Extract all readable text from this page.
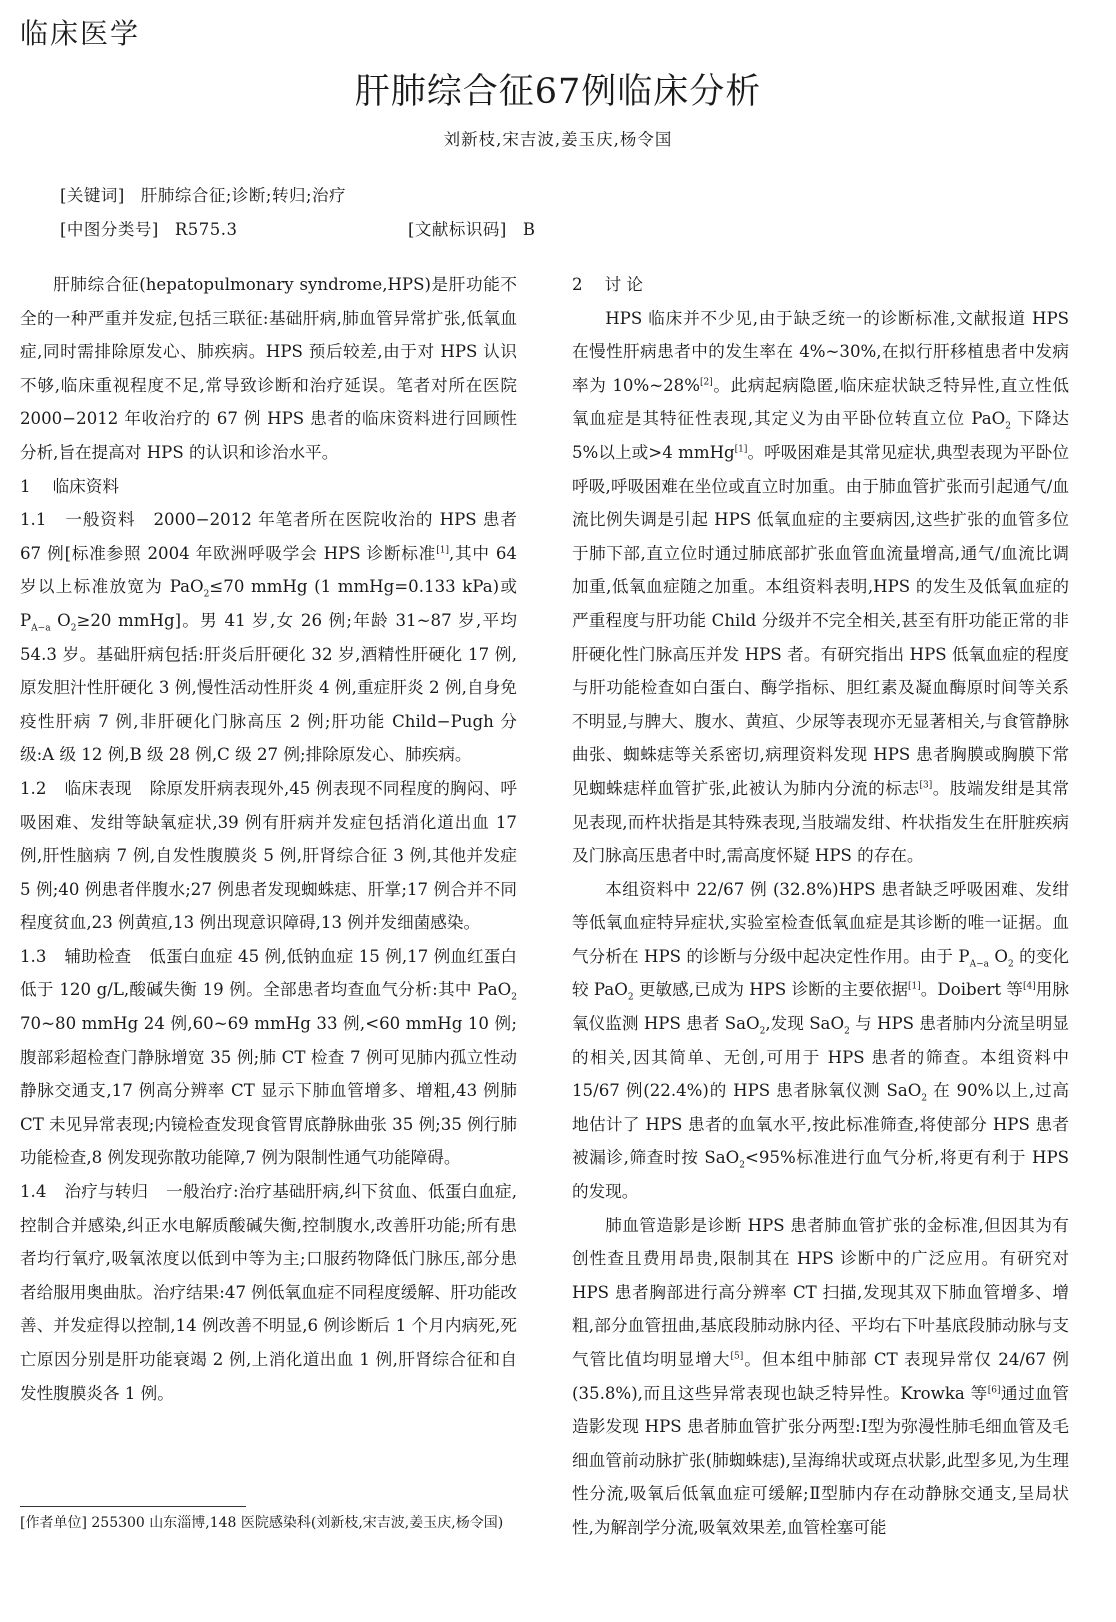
临床医学
肝肺综合征67例临床分析
刘新枝,宋吉波,姜玉庆,杨令国
[关键词] 肝肺综合征;诊断;转归;治疗
[中图分类号] R575.3	[文献标识码] B

肝肺综合征(hepatopulmonary syndrome,HPS)是肝功能不全的一种严重并发症,包括三联征:基础肝病,肺血管异常扩张,低氧血症,同时需排除原发心、肺疾病。HPS 预后较差,由于对 HPS 认识不够,临床重视程度不足,常导致诊断和治疗延误。笔者对所在医院 2000−2012 年收治疗的 67 例 HPS 患者的临床资料进行回顾性分析,旨在提高对 HPS 的认识和诊治水平。

1 临床资料

1.1 一般资料 2000−2012 年笔者所在医院收治的 HPS 患者 67 例[标准参照 2004 年欧洲呼吸学会 HPS 诊断标准[1],其中 64 岁以上标准放宽为 PaO$_2$≤70 mmHg (1 mmHg=0.133 kPa)或 $P_{A-a}$ $O_2\ge 20$ mmHg]。男 41 岁,女 26 例;年龄 31~87 岁,平均 54.3 岁。基础肝病包括:肝炎后肝硬化 32 岁,酒精性肝硬化 17 例,原发胆汁性肝硬化 3 例,慢性活动性肝炎 4 例,重症肝炎 2 例,自身免疫性肝病 7 例,非肝硬化门脉高压 2 例;肝功能 Child−Pugh 分级:A 级 12 例,B 级 28 例,C 级 27 例;排除原发心、肺疾病。

1.2 临床表现 除原发肝病表现外,45 例表现不同程度的胸闷、呼吸困难、发绀等缺氧症状,39 例有肝病并发症包括消化道出血 17 例,肝性脑病 7 例,自发性腹膜炎 5 例,肝肾综合征 3 例,其他并发症 5 例;40 例患者伴腹水;27 例患者发现蜘蛛痣、肝掌;17 例合并不同程度贫血,23 例黄疸,13 例出现意识障碍,13 例并发细菌感染。

1.3 辅助检查 低蛋白血症 45 例,低钠血症 15 例,17 例血红蛋白低于 120 g/L,酸碱失衡 19 例。全部患者均查血气分析:其中 PaO$_2$ 70~80 mmHg 24 例,60~69 mmHg 33 例,<60 mmHg 10 例;腹部彩超检查门静脉增宽 35 例;肺 CT 检查 7 例可见肺内孤立性动静脉交通支,17 例高分辨率 CT 显示下肺血管增多、增粗,43 例肺 CT 未见异常表现;内镜检查发现食管胃底静脉曲张 35 例;35 例行肺功能检查,8 例发现弥散功能障,7 例为限制性通气功能障碍。

1.4 治疗与转归 一般治疗:治疗基础肝病,纠下贫血、低蛋白血症,控制合并感染,纠正水电解质酸碱失衡,控制腹水,改善肝功能;所有患者均行氧疗,吸氧浓度以低到中等为主;口服药物降低门脉压,部分患者给服用奥曲肽。治疗结果:47 例低氧血症不同程度缓解、肝功能改善、并发症得以控制,14 例改善不明显,6 例诊断后 1 个月内病死,死亡原因分别是肝功能衰竭 2 例,上消化道出血 1 例,肝肾综合征和自发性腹膜炎各 1 例。

[作者单位] 255300 山东淄博,148 医院感染科(刘新枝,宋吉波,姜玉庆,杨令国)

2 讨 论

HPS 临床并不少见,由于缺乏统一的诊断标准,文献报道 HPS 在慢性肝病患者中的发生率在 4%~30%,在拟行肝移植患者中发病率为 10%~28%[2]。此病起病隐匿,临床症状缺乏特异性,直立性低氧血症是其特征性表现,其定义为由平卧位转直立位 PaO$_2$ 下降达 5%以上或>4 mmHg[1]。呼吸困难是其常见症状,典型表现为平卧位呼吸,呼吸困难在坐位或直立时加重。由于肺血管扩张而引起通气/血流比例失调是引起 HPS 低氧血症的主要病因,这些扩张的血管多位于肺下部,直立位时通过肺底部扩张血管血流量增高,通气/血流比调加重,低氧血症随之加重。本组资料表明,HPS 的发生及低氧血症的严重程度与肝功能 Child 分级并不完全相关,甚至有肝功能正常的非肝硬化性门脉高压并发 HPS 者。有研究指出 HPS 低氧血症的程度与肝功能检查如白蛋白、酶学指标、胆红素及凝血酶原时间等关系不明显,与脾大、腹水、黄疸、少尿等表现亦无显著相关,与食管静脉曲张、蜘蛛痣等关系密切,病理资料发现 HPS 患者胸膜或胸膜下常见蜘蛛痣样血管扩张,此被认为肺内分流的标志[3]。肢端发绀是其常见表现,而杵状指是其特殊表现,当肢端发绀、杵状指发生在肝脏疾病及门脉高压患者中时,需高度怀疑 HPS 的存在。

本组资料中 22/67 例 (32.8%)HPS 患者缺乏呼吸困难、发绀等低氧血症特异症状,实验室检查低氧血症是其诊断的唯一证据。血气分析在 HPS 的诊断与分级中起决定性作用。由于 $P_{A-a}$ $O_2$ 的变化较 PaO$_2$ 更敏感,已成为 HPS 诊断的主要依据[1]。Doibert 等[4]用脉氧仪监测 HPS 患者 SaO$_2$,发现 SaO$_2$ 与 HPS 患者肺内分流呈明显的相关,因其简单、无创,可用于 HPS 患者的筛查。本组资料中 15/67 例(22.4%)的 HPS 患者脉氧仪测 SaO$_2$ 在 90%以上,过高地估计了 HPS 患者的血氧水平,按此标准筛查,将使部分 HPS 患者被漏诊,筛查时按 SaO$_2$<95%标准进行血气分析,将更有利于 HPS 的发现。

肺血管造影是诊断 HPS 患者肺血管扩张的金标准,但因其为有创性查且费用昂贵,限制其在 HPS 诊断中的广泛应用。有研究对 HPS 患者胸部进行高分辨率 CT 扫描,发现其双下肺血管增多、增粗,部分血管扭曲,基底段肺动脉内径、平均右下叶基底段肺动脉与支气管比值均明显增大[5]。但本组中肺部 CT 表现异常仅 24/67 例(35.8%),而且这些异常表现也缺乏特异性。Krowka 等[6]通过血管造影发现 HPS 患者肺血管扩张分两型:Ⅰ型为弥漫性肺毛细血管及毛细血管前动脉扩张(肺蜘蛛痣),呈海绵状或斑点状影,此型多见,为生理性分流,吸氧后低氧血症可缓解;Ⅱ型肺内存在动静脉交通支,呈局状性,为解剖学分流,吸氧效果差,血管栓塞可能
